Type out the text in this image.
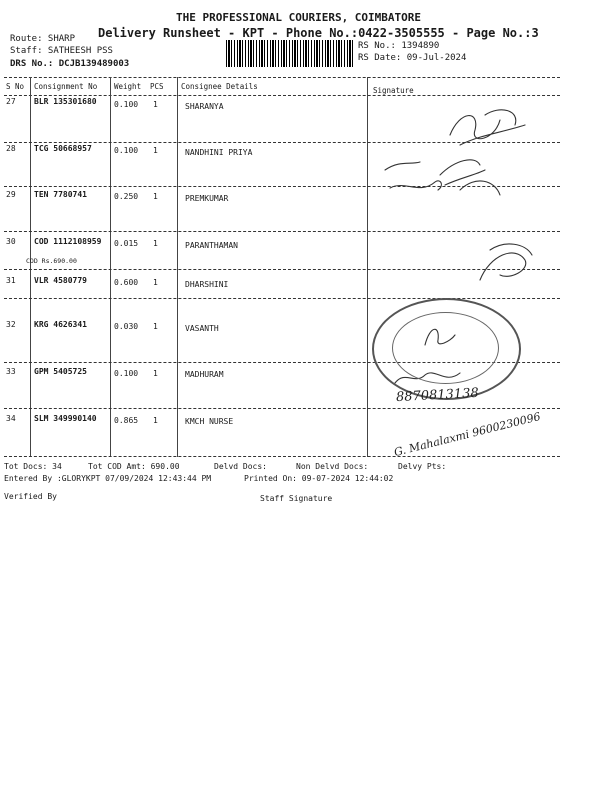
THE PROFESSIONAL COURIERS, COIMBATORE
Delivery Runsheet - KPT - Phone No.:0422-3505555 - Page No.:3
Route: SHARP
Staff: SATHEESH PSS
DRS No.: DCJB139489003
RS No.: 1394890
RS Date: 09-Jul-2024
S No Consignment No Weight PCS Consignee Details	Signature
27 BLR 135301680 0.100 1	SHARANYA
28 TCG 50668957	0.100 1	NANDHINI PRIYA
29 TEN 7780741	0.250 1	PREMKUMAR
30 COD 1112108959 0.015 1	PARANTHAMAN
COD Rs.690.00
31 VLR 4580779	0.600 1	DHARSHINI
32 KRG 4626341	0.030 1	VASANTH
33 GPM 5405725	0.100 1	MADHURAM
34 SLM 349990140 0.865 1	KMCH NURSE
8870813138
G. Mahalaxmi 9600230096
Tot Docs: 34	Tot COD Amt: 690.00	Delvd Docs:	Non Delvd Docs:	Delvy Pts:
Entered By :GLORYKPT 07/09/2024 12:43:44 PM	Printed On: 09-07-2024 12:44:02
Verified By	Staff Signature
